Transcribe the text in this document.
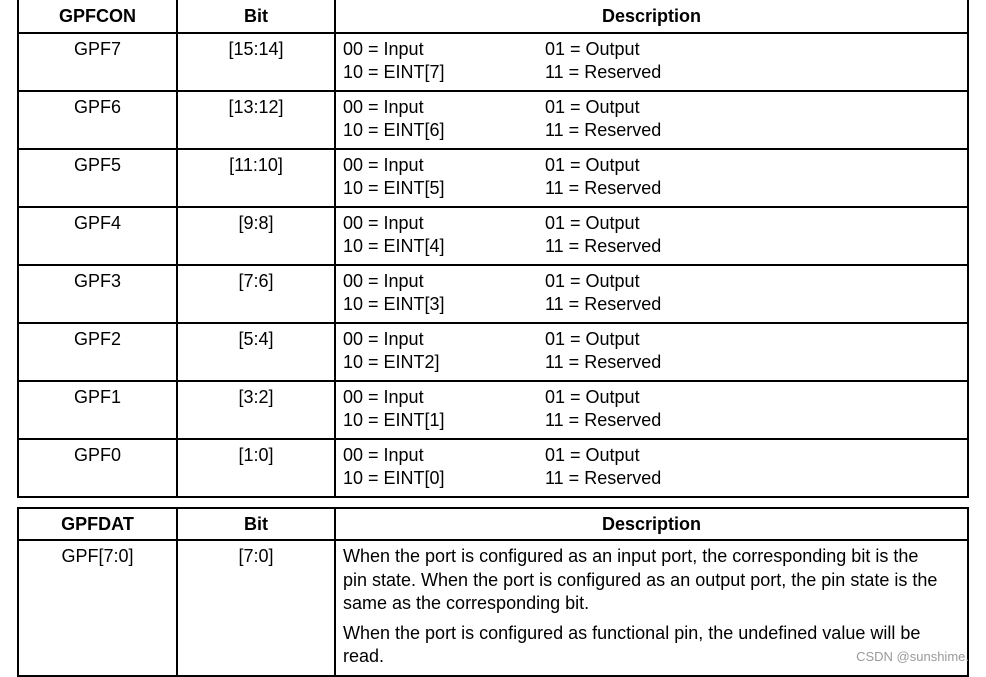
GPFCON	Bit	Description
GPF7	[15:14]	00 = Input 01 = Output
10 = EINT[7] 11 = Reserved

GPF6	[13:12]	00 = Input 01 = Output
10 = EINT[6] 11 = Reserved

GPF5	[11:10]	00 = Input 01 = Output
10 = EINT[5] 11 = Reserved

GPF4	[9:8]	00 = Input 01 = Output
10 = EINT[4] 11 = Reserved

GPF3	[7:6]	00 = Input 01 = Output
10 = EINT[3] 11 = Reserved

GPF2	[5:4]	00 = Input 01 = Output
10 = EINT2] 11 = Reserved

GPF1	[3:2]	00 = Input 01 = Output
10 = EINT[1] 11 = Reserved

GPF0	[1:0]	00 = Input 01 = Output
10 = EINT[0] 11 = Reserved
GPFDAT	Bit	Description
GPF[7:0]	[7:0]	When the port is configured as an input port, the corresponding bit is the pin state. When the port is configured as an output port, the pin state is the same as the corresponding bit.

When the port is configured as functional pin, the undefined value will be read.	CSDN @sunshime.
